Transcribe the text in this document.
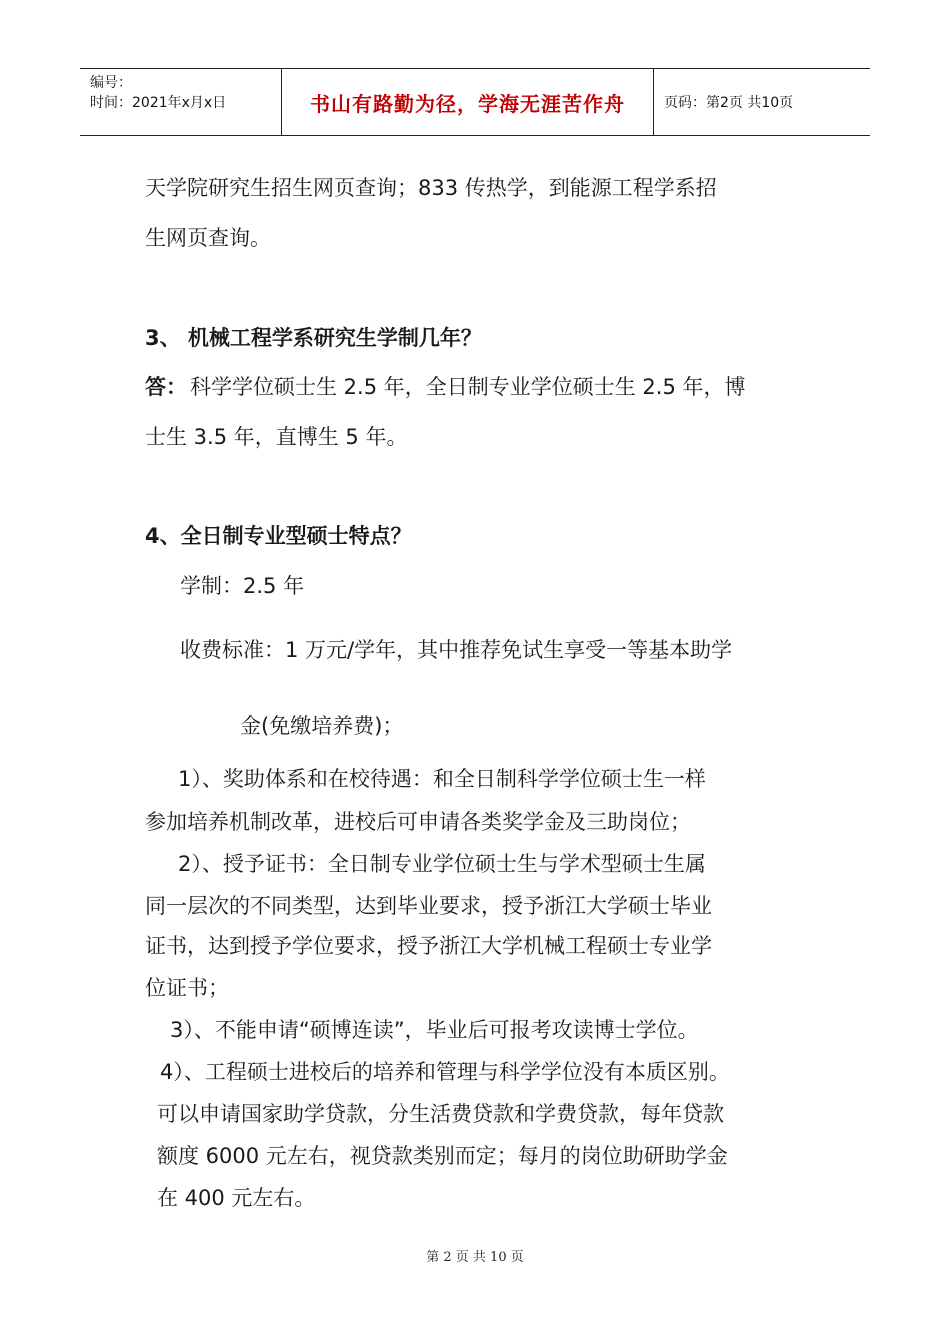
编号：
时间：2021年x月x日	书山有路勤为径，学海无涯苦作舟	页码：第2页 共10页
天学院研究生招生网页查询；833 传热学，到能源工程学系招
生网页查询。
3、 机械工程学系研究生学制几年？
答： 科学学位硕士生 2.5 年，全日制专业学位硕士生 2.5 年，博
士生 3.5 年，直博生 5 年。
4、全日制专业型硕士特点？
学制：2.5 年
收费标准：1 万元/学年，其中推荐免试生享受一等基本助学
金(免缴培养费)；
1）、奖助体系和在校待遇：和全日制科学学位硕士生一样
参加培养机制改革，进校后可申请各类奖学金及三助岗位；
2）、授予证书：全日制专业学位硕士生与学术型硕士生属
同一层次的不同类型，达到毕业要求，授予浙江大学硕士毕业
证书，达到授予学位要求，授予浙江大学机械工程硕士专业学
位证书；
3）、不能申请“硕博连读”，毕业后可报考攻读博士学位。
4）、工程硕士进校后的培养和管理与科学学位没有本质区别。
可以申请国家助学贷款，分生活费贷款和学费贷款，每年贷款
额度 6000 元左右，视贷款类别而定；每月的岗位助研助学金
在 400 元左右。
第 2 页 共 10 页
